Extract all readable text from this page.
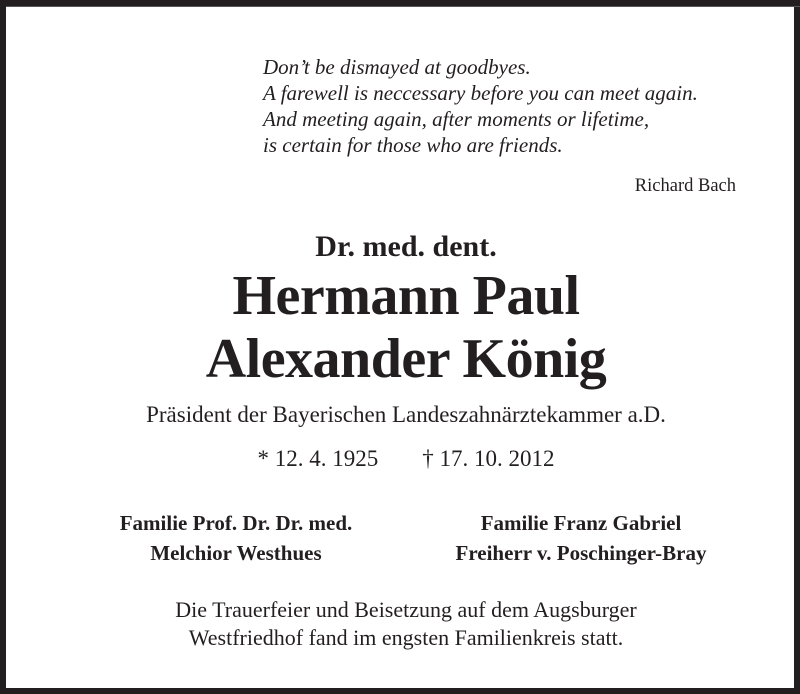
Don’t be dismayed at goodbyes.
A farewell is neccessary before you can meet again.
And meeting again, after moments or lifetime,
is certain for those who are friends.
Richard Bach
Dr. med. dent.
Hermann Paul
Alexander König
Präsident der Bayerischen Landeszahnärztekammer a.D.
* 12. 4. 1925 † 17. 10. 2012
Familie Prof. Dr. Dr. med.
Melchior Westhues
Familie Franz Gabriel
Freiherr v. Poschinger-Bray
Die Trauerfeier und Beisetzung auf dem Augsburger
Westfriedhof fand im engsten Familienkreis statt.
